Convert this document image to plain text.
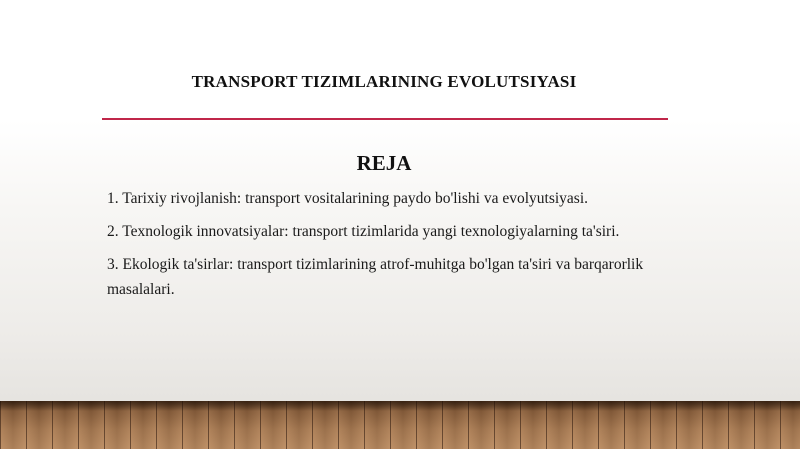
TRANSPORT TIZIMLARINING EVOLUTSIYASI
REJA
1. Tarixiy rivojlanish: transport vositalarining paydo bo'lishi va evolyutsiyasi.
2. Texnologik innovatsiyalar: transport tizimlarida yangi texnologiyalarning ta'siri.
3. Ekologik ta'sirlar: transport tizimlarining atrof-muhitga bo'lgan ta'siri va barqarorlik masalalari.
